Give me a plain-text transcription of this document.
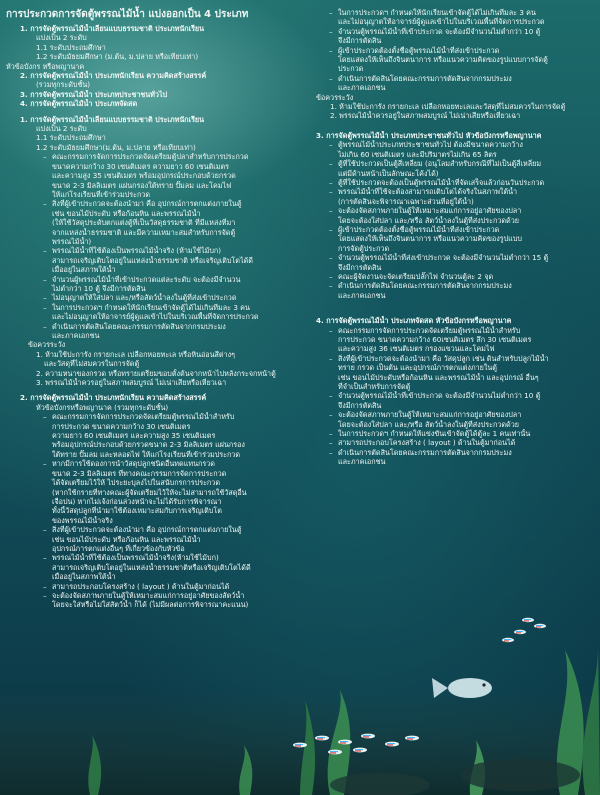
การประกวดการจัดตู้พรรณไม้น้ำ แบ่งออกเป็น 4 ประเภท
1. การจัดตู้พรรณไม้น้ำเลียนแบบธรรมชาติ ประเภทนักเรียน
แบ่งเป็น 2 ระดับ
1.1 ระดับประถมศึกษา
1.2 ระดับมัธยมศึกษา (ม.ต้น, ม.ปลาย หรือเทียบเท่า)
หัวข้อบังกร หรือพญานาค
2. การจัดตู้พรรณไม้น้ำ ประเภทนักเรียน ความคิดสร้างสรรค์
(รวมทุกระดับชั้น)
3. การจัดตู้พรรณไม้น้ำ ประเภทประชาชนทั่วไป
4. การจัดตู้พรรณไม้น้ำ ประเภทจัดสด
1. การจัดตู้พรรณไม้น้ำเลียนแบบธรรมชาติ ประเภทนักเรียน
แบ่งเป็น 2 ระดับ
1.1 ระดับประถมศึกษา
1.2 ระดับมัธยมศึกษา(ม.ต้น, ม.ปลาย หรือเทียบเท่า)
– คณะกรรมการจัดการประกวดจัดเตรียมตู้ปลาสำหรับการประกวด
ขนาดความกว้าง 30 เซนติเมตร ความยาว 60 เซนติเมตร
และความสูง 35 เซนติเมตร พร้อมอุปกรณ์ประกอบด้วยกรวด
ขนาด 2-3 มิลลิเมตร แผ่นกรองใต้ทราย ปั๊มลม และโคมไฟ
ให้แก่โรงเรียนที่เข้าร่วมประกวด
– สิ่งที่ผู้เข้าประกวดจะต้องนำมา คือ อุปกรณ์การตกแต่งภายในตู้
เช่น ขอนไม้ประดับ หรือก้อนหิน และพรรณไม้น้ำ
(ให้ใช้วัสดุประดับตกแต่งตู้ที่เป็นวัสดุธรรมชาติ ที่มีแหล่งที่มา
จากแหล่งน้ำธรรมชาติ และมีความเหมาะสมสำหรับการจัดตู้
พรรณไม้น้ำ)
– พรรณไม้น้ำที่ใช้ต้องเป็นพรรณไม้น้ำจริง (ห้ามใช้ไม้บก)
สามารถเจริญเติบโตอยู่ในแหล่งน้ำธรรมชาติ หรือเจริญเติบโตได้ดี
เมื่ออยู่ในสภาพใต้น้ำ
– จำนวนผู้พรรณไม้น้ำที่เข้าประกวดแต่ละระดับ จะต้องมีจำนวน
ไม่ต่ำกว่า 10 ตู้ จึงมีการตัดสิน
– ไม่อนุญาตให้ใส่ปลา และ/หรือสัตว์น้ำลงในตู้ที่ส่งเข้าประกวด
– ในการประกวดฯ กำหนดให้นักเรียนเข้าจัดตู้ได้ไม่เกินทีมละ 3 คน
และไม่อนุญาตให้อาจารย์ผู้ดูแลเข้าไปในบริเวณพื้นที่จัดการประกวด
– ดำเนินการตัดสินโดยคณะกรรมการตัดสินจากกรมประมง
และภาคเอกชน
ข้อควรระวัง
1. ห้ามใช้ปะการัง กรายกะเล เปลือกหอยทะเล หรือหินอ่อนสีต่างๆ
และวัสดุที่ไม่สมควรในการจัดตู้
2. ความหนาของกรวด หรือทรายเตรียมขอบตั้งต้นจากหน้าไปหลังกระจกหน้าตู้
3. พรรณไม้น้ำควรอยู่ในสภาพสมบูรณ์ ไม่เน่าเสียหรือเหี่ยวเฉา
2. การจัดตู้พรรณไม้น้ำ ประเภทนักเรียน ความคิดสร้างสรรค์
หัวข้อบังกรหรือพญานาค (รวมทุกระดับชั้น)
– คณะกรรมการจัดการประกวดจัดเตรียมตู้พรรณไม้น้ำสำหรับ
การประกวด ขนาดความกว้าง 30 เซนติเมตร
ความยาว 60 เซนติเมตร และความสูง 35 เซนติเมตร
พร้อมอุปกรณ์ประกอบด้วยกรวดขนาด 2-3 มิลลิเมตร แผ่นกรอง
ใต้ทราย ปั๊มลม และหลอดไฟ ให้แก่โรงเรียนที่เข้าร่วมประกวด
– หากมีการใช้ดองการนำวัสดุปลูกชนิดอื่นทดแทนกรวด
ขนาด 2-3 มิลลิเมตร ที่ทางคณะกรรมการจัดการประกวด
ได้จัดเตรียมไว้ให้ ไประยะบุลงไปในสนับกรการประกวด
(หากใช้กรายที่ทางคณะผู้จัดเตรียมไว้ให้จะไม่สามารถใช้วัสดุอื่น
เจือปน) หากไม่เจ้งก่อนล่วงหน้าจะไม่ได้รับการพิจารณา
ทั้งนี้วัสดุปลูกที่นำมาใช้ต้องเหมาะสมกับการเจริญเติบโต
ของพรรณไม้น้ำจริง
– สิ่งที่ผู้เข้าประกวดจะต้องนำมา คือ อุปกรณ์การตกแต่งภายในตู้
เช่น ขอนไม้ประดับ หรือก้อนหิน และพรรณไม้น้ำ
อุปกรณ์การตกแต่งอื่นๆ ที่เกี่ยวข้องกับหัวข้อ
– พรรณไม้น้ำที่ใช้ต้องเป็นพรรณไม้น้ำจริง(ห้ามใช้ไม้บก)
สามารถเจริญเติบโตอยู่ในแหล่งน้ำธรรมชาติหรือเจริญเติบโตได้ดี
เมื่ออยู่ในสภาพใต้น้ำ
– สามารถประกอบโครงสร้าง ( layout ) ด้านในตู้มาก่อนได้
– จะต้องจัดสภาพภายในตู้ให้เหมาะสมแก่การอยู่อาศัยของสัตว์น้ำ
โดยจะใส่หรือไม่ใส่สัตว์น้ำ ก็ได้ (ไม่มีผลต่อการพิจารณาคะแนน)
– ในการประกวดฯ กำหนดให้นักเรียนเข้าจัดตู้ได้ไม่เกินทีมละ 3 คน
และไม่อนุญาตให้อาจารย์ผู้ดูแลเข้าไปในบริเวณพื้นที่จัดการประกวด
– จำนวนตู้พรรณไม้น้ำที่เข้าประกวด จะต้องมีจำนวนไม่ต่ำกว่า 10 ตู้
จึงมีการตัดสิน
– ผู้เข้าประกวดต้องตั้งชื่อตู้พรรณไม้น้ำที่ส่งเข้าประกวด
โดยแสดงให้เห็นถึงจินตนาการ หรือแนวความคิดของรูปแบบการจัดตู้
ประกวด
– ดำเนินการตัดสินโดยคณะกรรมการตัดสินจากกรมประมง
และภาคเอกชน
ข้อควรระวัง
1. ห้ามใช้ปะการัง กรายกะเล เปลือกหอยทะเลและวัสดุที่ไม่สมควรในการจัดตู้
2. พรรณไม้น้ำควรอยู่ในสภาพสมบูรณ์ ไม่เน่าเสียหรือเหี่ยวเฉา
3. การจัดตู้พรรณไม้น้ำ ประเภทประชาชนทั่วไป หัวข้อบังกรหรือพญานาค
– ตู้พรรณไม้น้ำประเภทประชาชนทั่วไป ต้องมีขนาดความกว้าง
ไม่เกิน 60 เซนติเมตร และมีปริมาตรไม่เกิน 65 ลิตร
– ตู้ที่ใช้ประกวดเป็นตู้สี่เหลี่ยม (อนุโลมสำหรับกรณีที่ไม่เป็นตู้สี่เหลี่ยม
แต่มีด้านหน้าเป็นลักษณะโค้งได้)
– ตู้ที่ใช้ประกวดจะต้องเป็นตู้พรรณไม้น้ำที่จัดเสร็จแล้วก่อนวันประกวด
– พรรณไม้น้ำที่ใช้จะต้องสามารถเติบโตได้จริงในสภาพใต้น้ำ
(การตัดสินจะพิจารณาเฉพาะส่วนที่อยู่ใต้น้ำ)
– จะต้องจัดสภาพภายในตู้ให้เหมาะสมแก่การอยู่อาศัยของปลา
โดยจะต้องใส่ปลา และ/หรือ สัตว์น้ำลงในตู้ที่ส่งประกวดด้วย
– ผู้เข้าประกวดต้องตั้งชื่อตู้พรรณไม้น้ำที่ส่งเข้าประกวด
โดยแสดงให้เห็นถึงจินตนาการ หรือแนวความคิดของรูปแบบ
การจัดตู้ประกวด
– จำนวนตู้พรรณไม้น้ำที่ส่งเข้าประกวด จะต้องมีจำนวนไม่ต่ำกว่า 15 ตู้
จึงมีการตัดสิน
– คณะผู้จัดงานจะจัดเตรียมปลั๊กไฟ จำนวนตู้ละ 2 จุด
– ดำเนินการตัดสินโดยคณะกรรมการตัดสินจากกรมประมง
และภาคเอกชน
4. การจัดตู้พรรณไม้น้ำ ประเภทจัดสด หัวข้อบังกรหรือพญานาค
– คณะกรรมการจัดการประกวดจัดเตรียมตู้พรรณไม้น้ำสำหรับ
การประกวด ขนาดความกว้าง 60เซนติเมตร ลึก 30 เซนติเมตร
และความสูง 36 เซนติเมตร กรองแขวนและโคมไฟ
– สิ่งที่ผู้เข้าประกวดจะต้องนำมา คือ วัสดุปลูก เช่น ดินสำหรับปลูกไม้น้ำ
ทราย กรวด เป็นต้น และอุปกรณ์การตกแต่งภายในตู้
เช่น ขอนไม้ประดับหรือก้อนหิน และพรรณไม้น้ำ และอุปกรณ์ อื่นๆ
ที่จำเป็นสำหรับการจัดตู้
– จำนวนตู้พรรณไม้น้ำที่เข้าประกวด จะต้องมีจำนวนไม่ต่ำกว่า 10 ตู้
จึงมีการตัดสิน
– จะต้องจัดสภาพภายในตู้ให้เหมาะสมแก่การอยู่อาศัยของปลา
โดยจะต้องใส่ปลา และ/หรือ สัตว์น้ำลงในตู้ที่ส่งประกวดด้วย
– ในการประกวดฯ กำหนดให้แข่งขันเข้าจัดตู้ได้ตู้ละ 1 คนเท่านั้น
– สามารถประกอบโครงสร้าง ( layout ) ด้านในตู้มาก่อนได้
– ดำเนินการตัดสินโดยคณะกรรมการตัดสินจากกรมประมง
และภาคเอกชน
